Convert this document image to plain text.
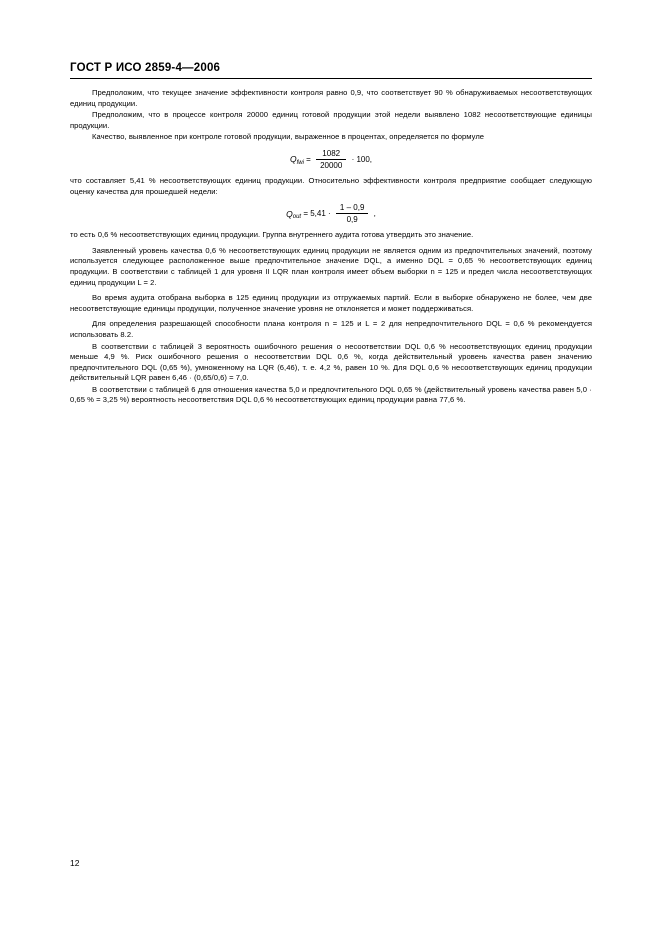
ГОСТ Р ИСО 2859-4—2006

Предположим, что текущее значение эффективности контроля равно 0,9, что соответствует 90 % обнаруживаемых несоответствующих единиц продукции.

Предположим, что в процессе контроля 20000 единиц готовой продукции этой недели выявлено 1082 несоответствующие единицы продукции.

Качество, выявленное при контроле готовой продукции, выраженное в процентах, определяется по формуле

$Q_{fwi} = \frac{1082}{20000} \cdot 100$,

что составляет 5,41 % несоответствующих единиц продукции. Относительно эффективности контроля предприятие сообщает следующую оценку качества для прошедшей недели:

$Q_{out} = 5,41 \cdot \frac{1 - 0,9}{0,9}$ ,

то есть 0,6 % несоответствующих единиц продукции. Группа внутреннего аудита готова утвердить это значение.

Заявленный уровень качества 0,6 % несоответствующих единиц продукции не является одним из предпочтительных значений, поэтому используется следующее расположенное выше предпочтительное значение DQL, а именно DQL = 0,65 % несоответствующих единиц продукции. В соответствии с таблицей 1 для уровня II LQR план контроля имеет объем выборки n = 125 и предел числа несоответствующих единиц продукции L = 2.

Во время аудита отобрана выборка в 125 единиц продукции из отгружаемых партий. Если в выборке обнаружено не более, чем две несоответствующие единицы продукции, полученное значение уровня не отклоняется и может поддерживаться.

Для определения разрешающей способности плана контроля n = 125 и L = 2 для непредпочтительного DQL = 0,6 % рекомендуется использовать 8.2.

В соответствии с таблицей 3 вероятность ошибочного решения о несоответствии DQL 0,6 % несоответствующих единиц продукции меньше 4,9 %. Риск ошибочного решения о несоответствии DQL 0,6 %, когда действительный уровень качества равен значению предпочтительного DQL (0,65 %), умноженному на LQR (6,46), т. е. 4,2 %, равен 10 %. Для DQL 0,6 % несоответствующих единиц продукции действительный LQR равен 6,46 · (0,65/0,6) = 7,0.

В соответствии с таблицей 6 для отношения качества 5,0 и предпочтительного DQL 0,65 % (действительный уровень качества равен 5,0 · 0,65 % = 3,25 %) вероятность несоответствия DQL 0,6 % несоответствующих единиц продукции равна 77,6 %.

12
